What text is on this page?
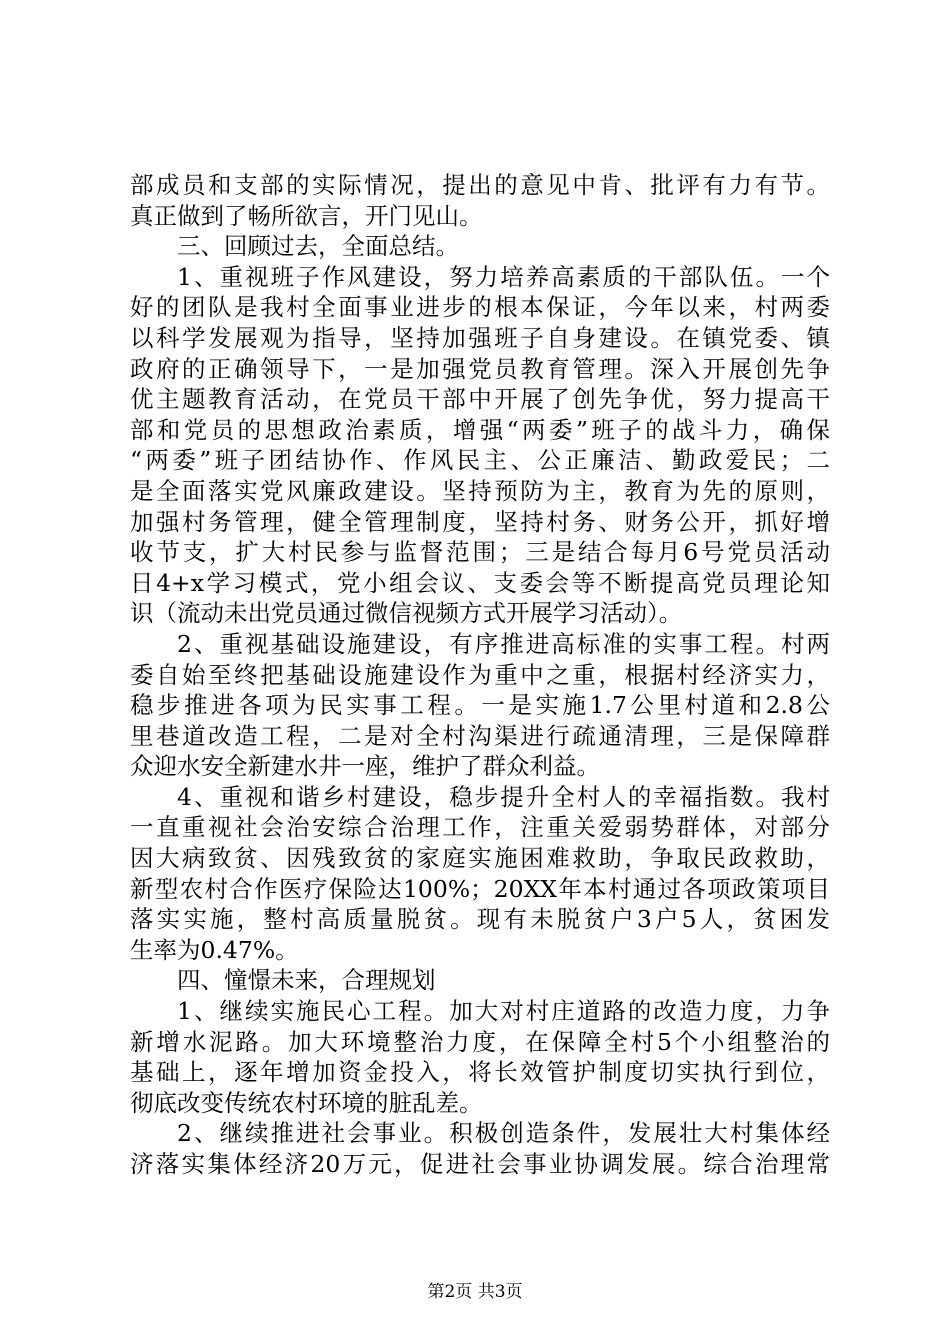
部成员和支部的实际情况，提出的意见中肯、批评有力有节。
真正做到了畅所欲言，开门见山。
三、回顾过去，全面总结。
1、重视班子作风建设，努力培养高素质的干部队伍。一个
好的团队是我村全面事业进步的根本保证，今年以来，村两委
以科学发展观为指导，坚持加强班子自身建设。在镇党委、镇
政府的正确领导下，一是加强党员教育管理。深入开展创先争
优主题教育活动，在党员干部中开展了创先争优，努力提高干
部和党员的思想政治素质，增强“两委”班子的战斗力，确保
“两委”班子团结协作、作风民主、公正廉洁、勤政爱民；二
是全面落实党风廉政建设。坚持预防为主，教育为先的原则，
加强村务管理，健全管理制度，坚持村务、财务公开，抓好增
收节支，扩大村民参与监督范围；三是结合每月6号党员活动
日4+x学习模式，党小组会议、支委会等不断提高党员理论知
识（流动未出党员通过微信视频方式开展学习活动）。
2、重视基础设施建设，有序推进高标准的实事工程。村两
委自始至终把基础设施建设作为重中之重，根据村经济实力，
稳步推进各项为民实事工程。一是实施1.7公里村道和2.8公
里巷道改造工程，二是对全村沟渠进行疏通清理，三是保障群
众迎水安全新建水井一座，维护了群众利益。
4、重视和谐乡村建设，稳步提升全村人的幸福指数。我村
一直重视社会治安综合治理工作，注重关爱弱势群体，对部分
因大病致贫、因残致贫的家庭实施困难救助，争取民政救助，
新型农村合作医疗保险达100%；20XX年本村通过各项政策项目
落实实施，整村高质量脱贫。现有未脱贫户3户5人，贫困发
生率为0.47%。
四、憧憬未来，合理规划
1、继续实施民心工程。加大对村庄道路的改造力度，力争
新增水泥路。加大环境整治力度，在保障全村5个小组整治的
基础上，逐年增加资金投入，将长效管护制度切实执行到位，
彻底改变传统农村环境的脏乱差。
2、继续推进社会事业。积极创造条件，发展壮大村集体经
济落实集体经济20万元，促进社会事业协调发展。综合治理常
第2页 共3页
